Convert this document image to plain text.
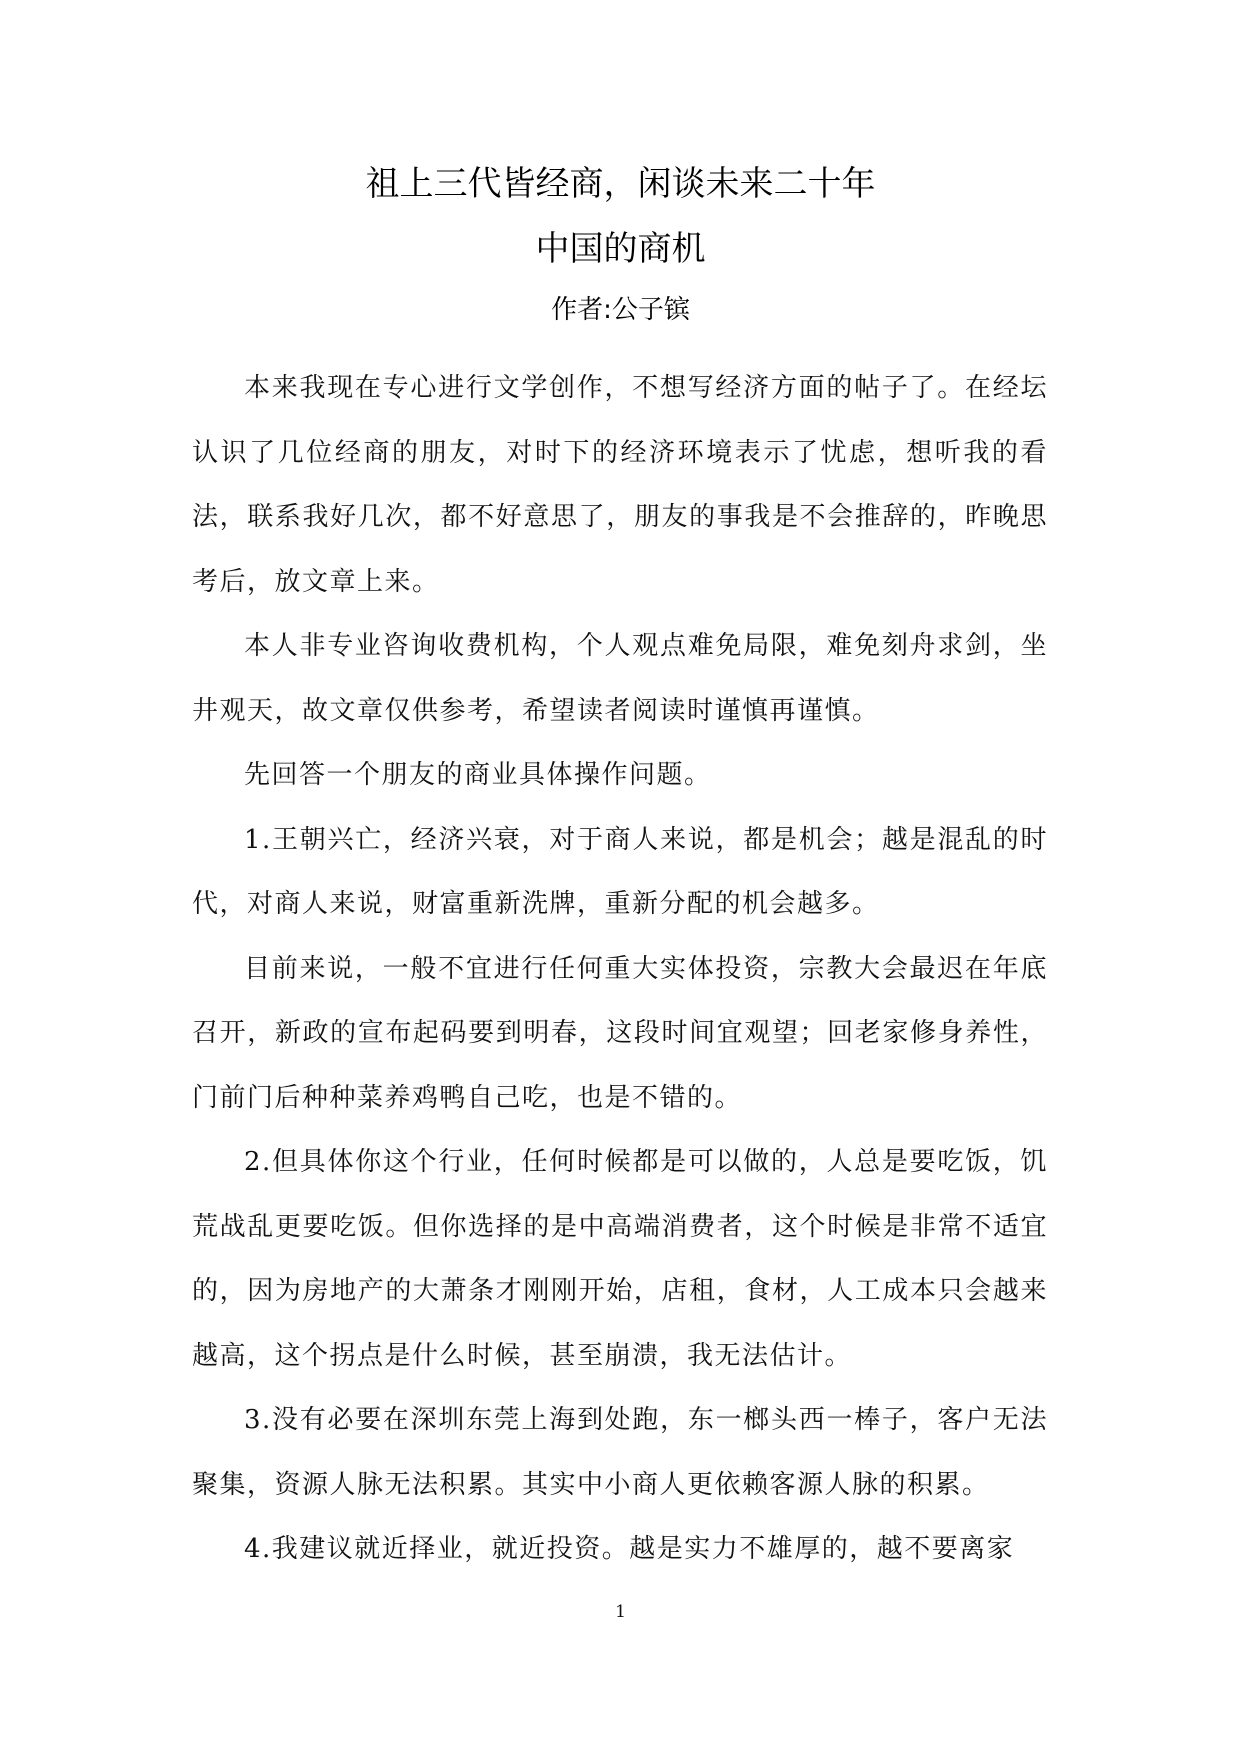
祖上三代皆经商，闲谈未来二十年
中国的商机
作者:公子镔

本来我现在专心进行文学创作，不想写经济方面的帖子了。在经坛认识了几位经商的朋友，对时下的经济环境表示了忧虑，想听我的看法，联系我好几次，都不好意思了，朋友的事我是不会推辞的，昨晚思考后，放文章上来。

本人非专业咨询收费机构，个人观点难免局限，难免刻舟求剑，坐井观天，故文章仅供参考，希望读者阅读时谨慎再谨慎。

先回答一个朋友的商业具体操作问题。

1.王朝兴亡，经济兴衰，对于商人来说，都是机会；越是混乱的时代，对商人来说，财富重新洗牌，重新分配的机会越多。

目前来说，一般不宜进行任何重大实体投资，宗教大会最迟在年底召开，新政的宣布起码要到明春，这段时间宜观望；回老家修身养性，门前门后种种菜养鸡鸭自己吃，也是不错的。

2.但具体你这个行业，任何时候都是可以做的，人总是要吃饭，饥荒战乱更要吃饭。但你选择的是中高端消费者，这个时候是非常不适宜的，因为房地产的大萧条才刚刚开始，店租，食材，人工成本只会越来越高，这个拐点是什么时候，甚至崩溃，我无法估计。

3.没有必要在深圳东莞上海到处跑，东一榔头西一棒子，客户无法聚集，资源人脉无法积累。其实中小商人更依赖客源人脉的积累。

4.我建议就近择业，就近投资。越是实力不雄厚的，越不要离家

1
